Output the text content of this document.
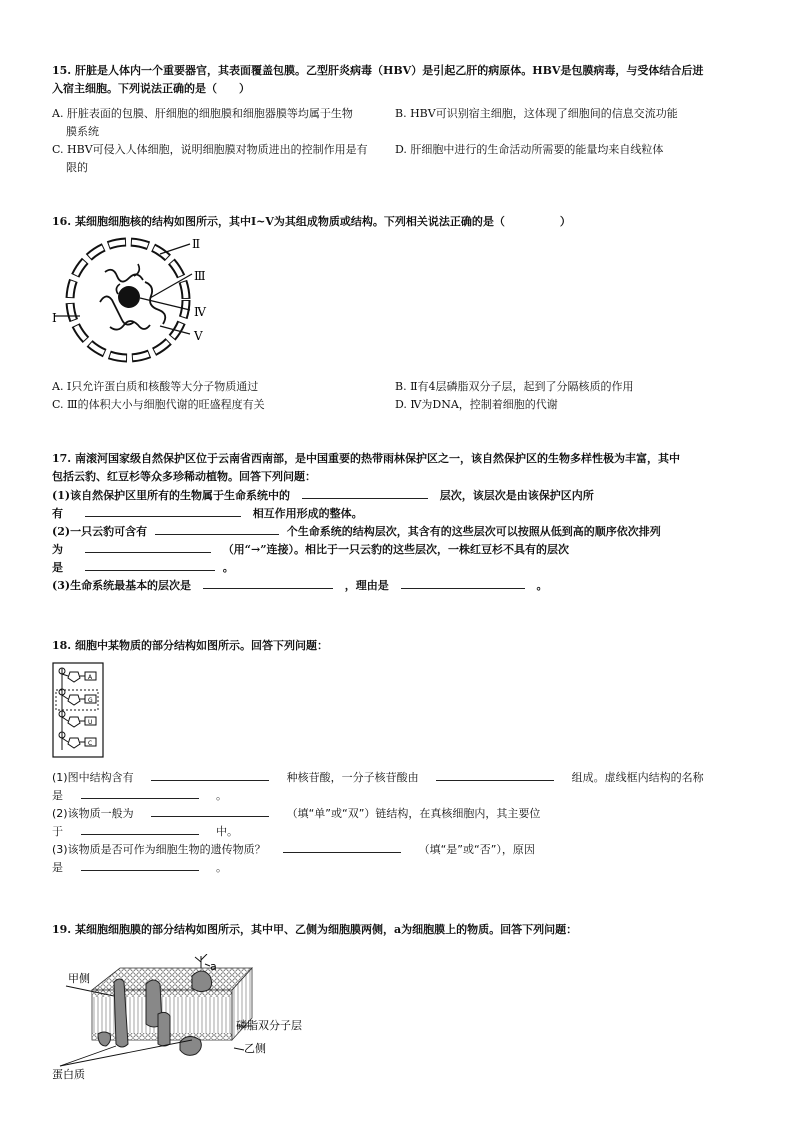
15. 肝脏是人体内一个重要器官，其表面覆盖包膜。乙型肝炎病毒（HBV）是引起乙肝的病原体。HBV是包膜病毒，与受体结合后进
入宿主细胞。下列说法正确的是（　　）
A. 肝脏表面的包膜、肝细胞的细胞膜和细胞器膜等均属于生物	B. HBV可识别宿主细胞，这体现了细胞间的信息交流功能
膜系统
C. HBV可侵入人体细胞，说明细胞膜对物质进出的控制作用是有 D. 肝细胞中进行的生命活动所需要的能量均来自线粒体
限的
16. 某细胞细胞核的结构如图所示，其中Ⅰ~Ⅴ为其组成物质或结构。下列相关说法正确的是（　　　　　）
Ⅰ
Ⅱ
Ⅲ
Ⅳ
Ⅴ
A. Ⅰ只允许蛋白质和核酸等大分子物质通过	B. Ⅱ有4层磷脂双分子层，起到了分隔核质的作用
C. Ⅲ的体积大小与细胞代谢的旺盛程度有关	D. Ⅳ为DNA，控制着细胞的代谢
17. 南滚河国家级自然保护区位于云南省西南部，是中国重要的热带雨林保护区之一，该自然保护区的生物多样性极为丰富，其中
包括云豹、红豆杉等众多珍稀动植物。回答下列问题：
(1)该自然保护区里所有的生物属于生命系统中的	层次，该层次是由该保护区内所
有	相互作用形成的整体。
(2)一只云豹可含有	个生命系统的结构层次，其含有的这些层次可以按照从低到高的顺序依次排列
为	（用“→”连接）。相比于一只云豹的这些层次，一株红豆杉不具有的层次
是	。
(3)生命系统最基本的层次是	，理由是	。
18. 细胞中某物质的部分结构如图所示。回答下列问题：
A
G
U
C
(1)图中结构含有	种核苷酸，一分子核苷酸由	组成。虚线框内结构的名称
是	。
(2)该物质一般为	（填“单”或“双”）链结构，在真核细胞内，其主要位
于	中。
(3)该物质是否可作为细胞生物的遗传物质？	（填“是”或“否”），原因
是	。
19. 某细胞细胞膜的部分结构如图所示，其中甲、乙侧为细胞膜两侧，a为细胞膜上的物质。回答下列问题：
甲侧
a
磷脂双分子层
乙侧
蛋白质
